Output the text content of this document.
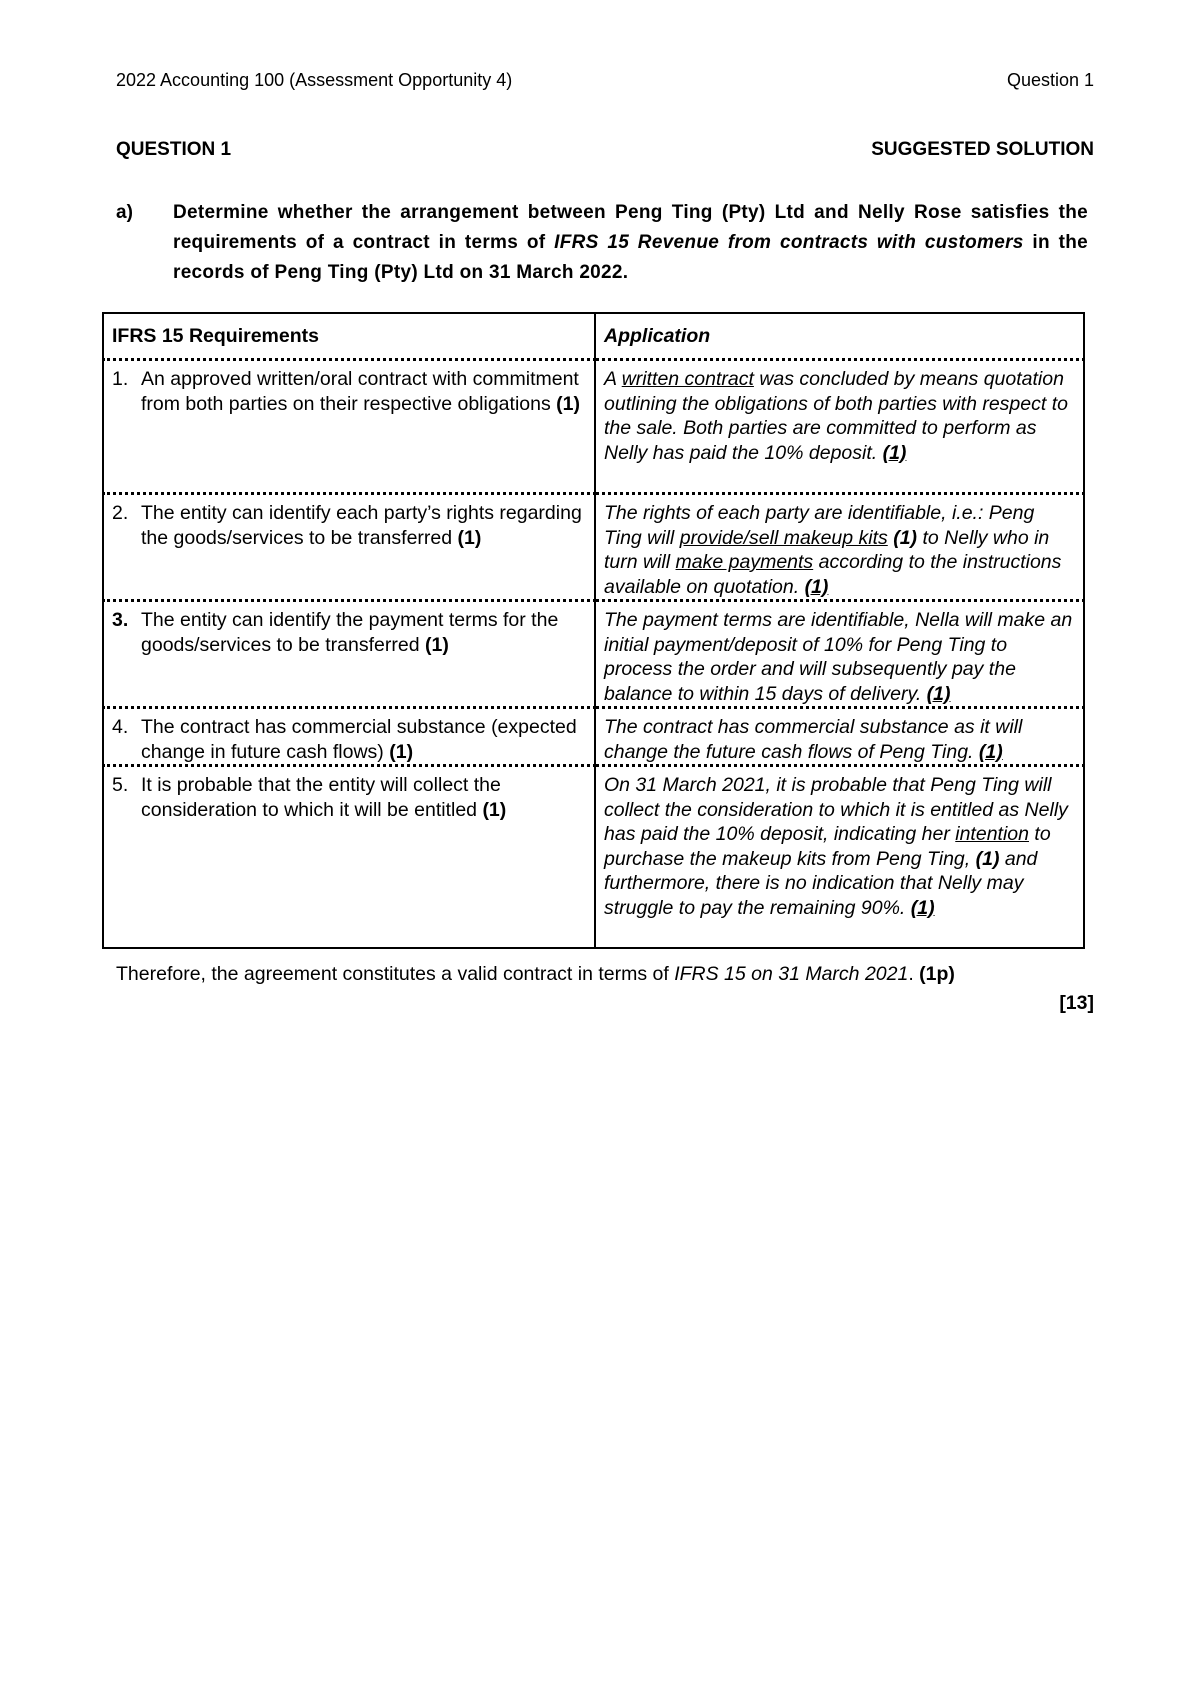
2022 Accounting 100 (Assessment Opportunity 4)	Question 1
QUESTION 1	SUGGESTED SOLUTION
a)	Determine whether the arrangement between Peng Ting (Pty) Ltd and Nelly Rose satisfies the requirements of a contract in terms of IFRS 15 Revenue from contracts with customers in the records of Peng Ting (Pty) Ltd on 31 March 2022.
IFRS 15 Requirements	Application

1. An approved written/oral contract with commitment from both parties on their respective obligations (1)	A written contract was concluded by means quotation outlining the obligations of both parties with respect to the sale. Both parties are committed to perform as Nelly has paid the 10% deposit. (1)

2. The entity can identify each party’s rights regarding the goods/services to be transferred (1)	The rights of each party are identifiable, i.e.: Peng Ting will provide/sell makeup kits (1) to Nelly who in turn will make payments according to the instructions available on quotation. (1)

3. The entity can identify the payment terms for the goods/services to be transferred (1)	The payment terms are identifiable, Nella will make an initial payment/deposit of 10% for Peng Ting to process the order and will subsequently pay the balance to within 15 days of delivery. (1)

4. The contract has commercial substance (expected change in future cash flows) (1)	The contract has commercial substance as it will change the future cash flows of Peng Ting. (1)

5. It is probable that the entity will collect the consideration to which it will be entitled (1)	On 31 March 2021, it is probable that Peng Ting will collect the consideration to which it is entitled as Nelly has paid the 10% deposit, indicating her intention to purchase the makeup kits from Peng Ting, (1) and furthermore, there is no indication that Nelly may struggle to pay the remaining 90%. (1)
Therefore, the agreement constitutes a valid contract in terms of IFRS 15 on 31 March 2021. (1p)
[13]
